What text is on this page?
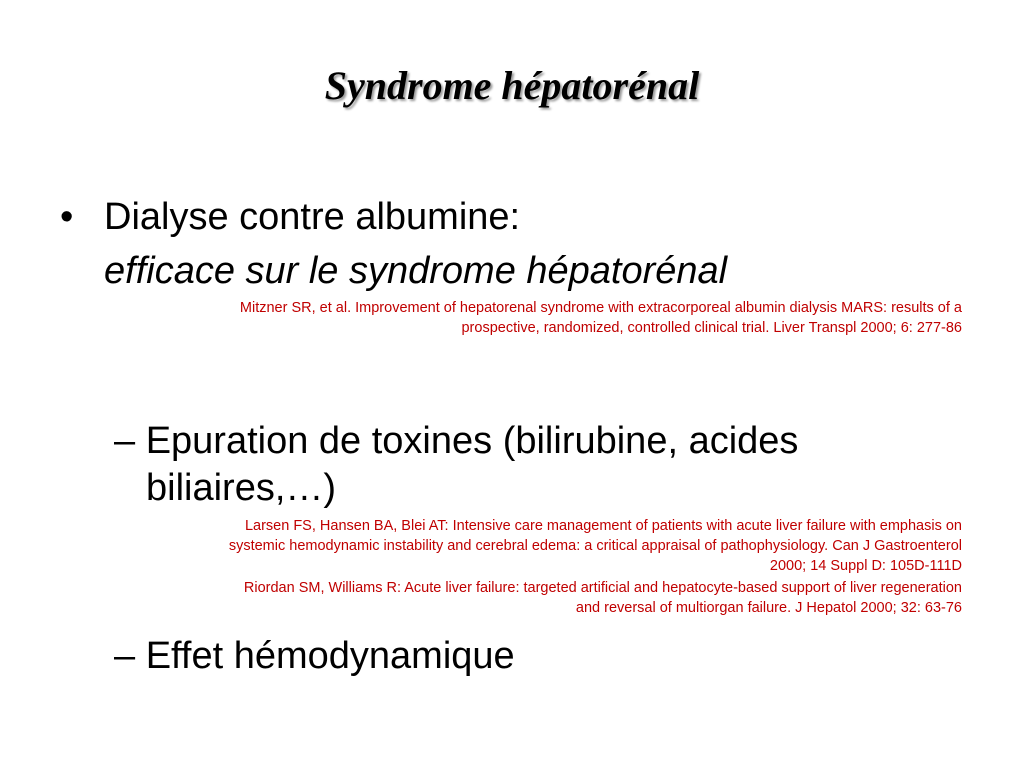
Syndrome hépatorénal
• Dialyse contre albumine:
efficace sur le syndrome hépatorénal
Mitzner SR, et al. Improvement of hepatorenal syndrome with extracorporeal albumin dialysis MARS: results of a
prospective, randomized, controlled clinical trial. Liver Transpl 2000; 6: 277-86
– Epuration de toxines (bilirubine, acides
biliaires,…)
Larsen FS, Hansen BA, Blei AT: Intensive care management of patients with acute liver failure with emphasis on
systemic hemodynamic instability and cerebral edema: a critical appraisal of pathophysiology. Can J Gastroenterol
2000; 14 Suppl D: 105D-111D
Riordan SM, Williams R: Acute liver failure: targeted artificial and hepatocyte-based support of liver regeneration
and reversal of multiorgan failure. J Hepatol 2000; 32: 63-76
– Effet hémodynamique
